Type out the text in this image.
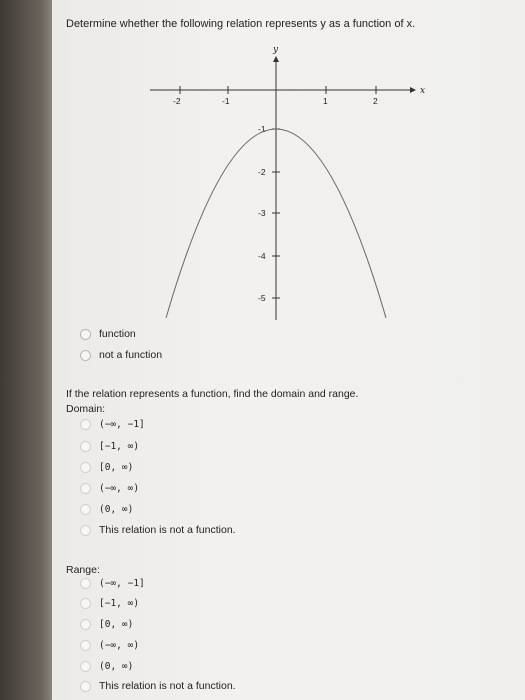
Determine whether the following relation represents y as a function of x.
x
y
-2	-1	1	2
-1
-2
-3
-4
-5
function
not a function
If the relation represents a function, find the domain and range.
Domain:
(−∞, −1]
[−1, ∞)
[0, ∞)
(−∞, ∞)
(0, ∞)
This relation is not a function.
Range:
(−∞, −1]
[−1, ∞)
[0, ∞)
(−∞, ∞)
(0, ∞)
This relation is not a function.
